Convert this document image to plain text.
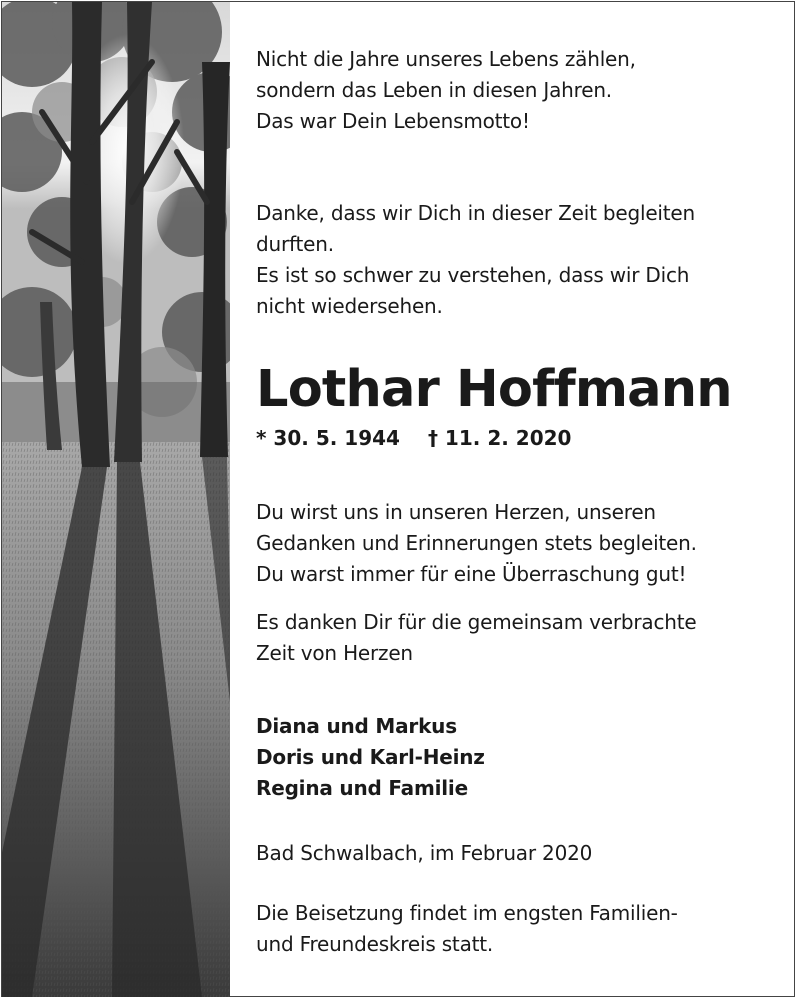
Nicht die Jahre unseres Lebens zählen,
sondern das Leben in diesen Jahren.
Das war Dein Lebensmotto!
Danke, dass wir Dich in dieser Zeit begleiten
durften.
Es ist so schwer zu verstehen, dass wir Dich
nicht wiedersehen.
Lothar Hoffmann
* 30. 5. 1944 † 11. 2. 2020
Du wirst uns in unseren Herzen, unseren
Gedanken und Erinnerungen stets begleiten.
Du warst immer für eine Überraschung gut!
Es danken Dir für die gemeinsam verbrachte
Zeit von Herzen
Diana und Markus
Doris und Karl-Heinz
Regina und Familie
Bad Schwalbach, im Februar 2020
Die Beisetzung findet im engsten Familien-
und Freundeskreis statt.
